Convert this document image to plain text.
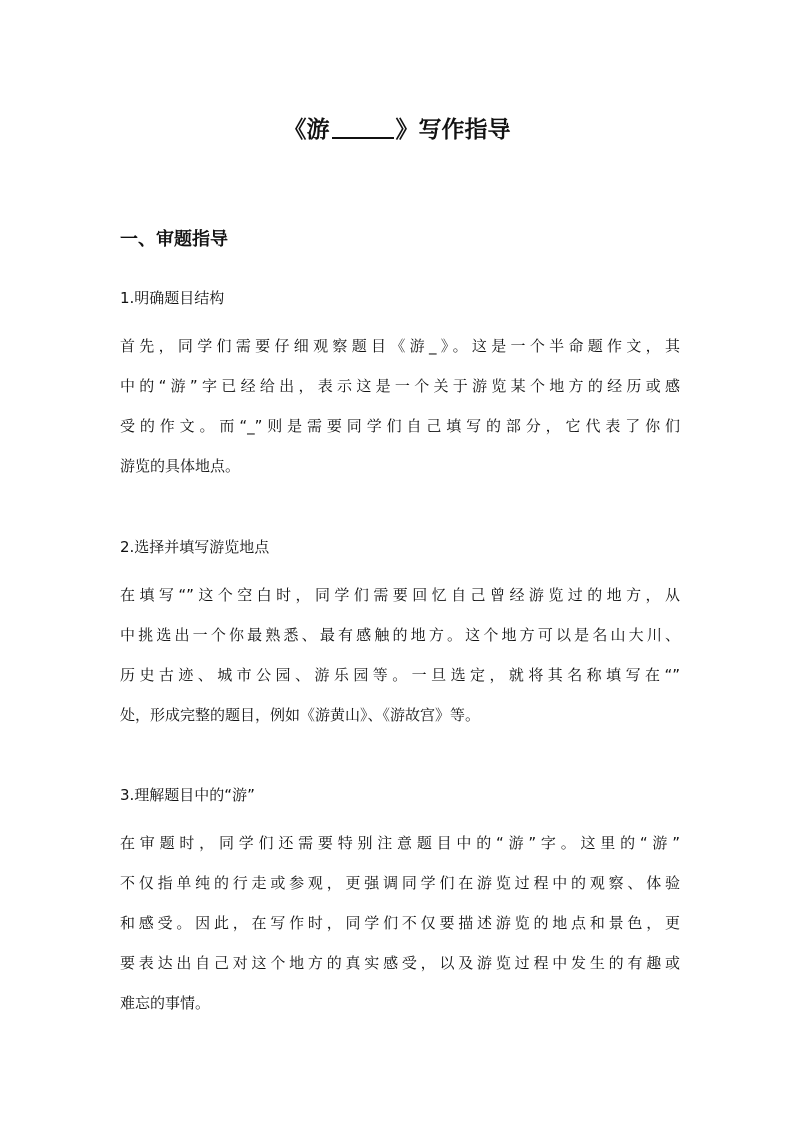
《游	》写作指导
一、审题指导
1.明确题目结构
首先，同学们需要仔细观察题目《游_》。这是一个半命题作文，其
中的“游”字已经给出，表示这是一个关于游览某个地方的经历或感
受的作文。而“_”则是需要同学们自己填写的部分，它代表了你们
游览的具体地点。
2.选择并填写游览地点
在填写“”这个空白时，同学们需要回忆自己曾经游览过的地方，从
中挑选出一个你最熟悉、最有感触的地方。这个地方可以是名山大川、
历史古迹、城市公园、游乐园等。一旦选定，就将其名称填写在“”
处，形成完整的题目，例如《游黄山》、《游故宫》等。
3.理解题目中的“游”
在审题时，同学们还需要特别注意题目中的“游”字。这里的“游”
不仅指单纯的行走或参观，更强调同学们在游览过程中的观察、体验
和感受。因此，在写作时，同学们不仅要描述游览的地点和景色，更
要表达出自己对这个地方的真实感受，以及游览过程中发生的有趣或
难忘的事情。
